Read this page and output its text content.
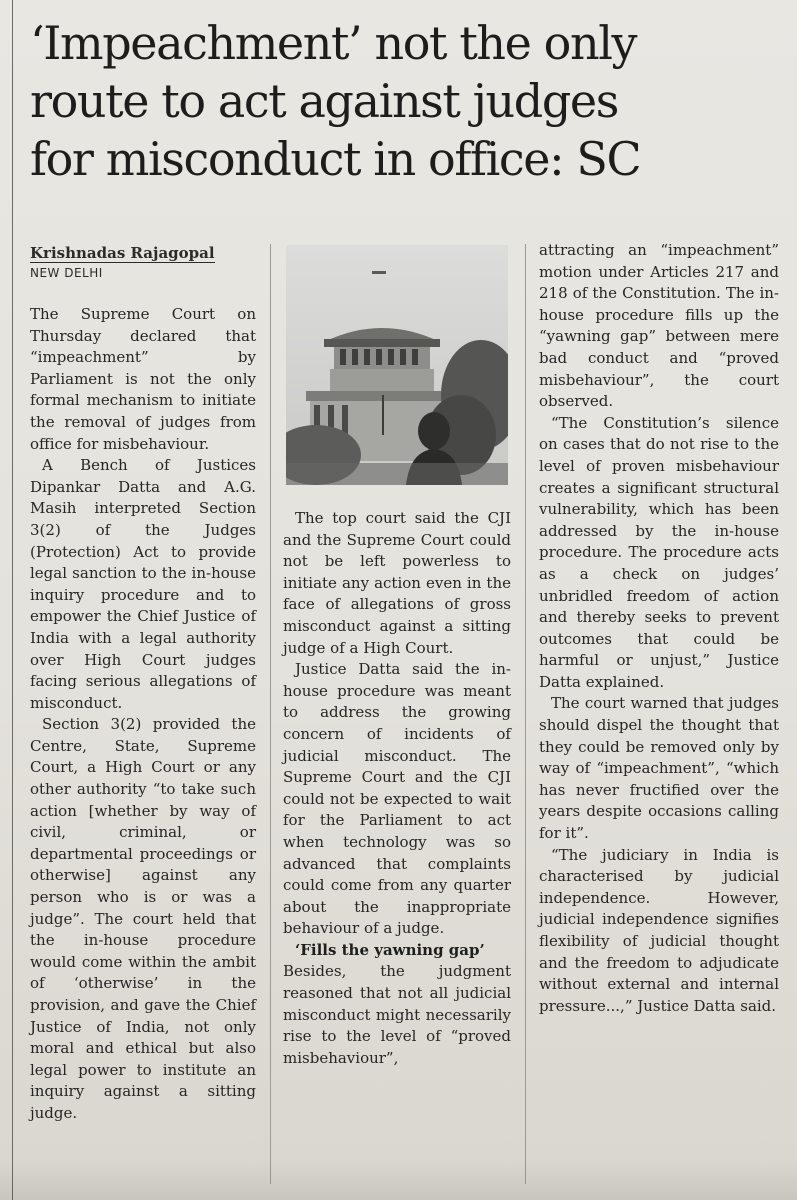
‘Impeachment’ not the only
route to act against judges
for misconduct in office: SC
Krishnadas Rajagopal
NEW DELHI

The Supreme Court on Thursday declared that “impeachment” by Parliament is not the only formal mechanism to initiate the removal of judges from office for misbehaviour.

A Bench of Justices Dipankar Datta and A.G. Masih interpreted Section 3(2) of the Judges (Protection) Act to provide legal sanction to the in-house inquiry procedure and to empower the Chief Justice of India with a legal authority over High Court judges facing serious allegations of misconduct.

Section 3(2) provided the Centre, State, Supreme Court, a High Court or any other authority “to take such action [whether by way of civil, criminal, or departmental proceedings or otherwise] against any person who is or was a judge”. The court held that the in-house procedure would come within the ambit of ‘otherwise’ in the provision, and gave the Chief Justice of India, not only moral and ethical but also legal power to institute an inquiry against a sitting judge.

The top court said the CJI and the Supreme Court could not be left powerless to initiate any action even in the face of allegations of gross misconduct against a sitting judge of a High Court.

Justice Datta said the in-house procedure was meant to address the growing concern of incidents of judicial misconduct. The Supreme Court and the CJI could not be expected to wait for the Parliament to act when technology was so advanced that complaints could come from any quarter about the inappropriate behaviour of a judge.

‘Fills the yawning gap’

Besides, the judgment reasoned that not all judicial misconduct might necessarily rise to the level of “proved misbehaviour”,

attracting an “impeachment” motion under Articles 217 and 218 of the Constitution. The in-house procedure fills up the “yawning gap” between mere bad conduct and “proved misbehaviour”, the court observed.

“The Constitution’s silence on cases that do not rise to the level of proven misbehaviour creates a significant structural vulnerability, which has been addressed by the in-house procedure. The procedure acts as a check on judges’ unbridled freedom of action and thereby seeks to prevent outcomes that could be harmful or unjust,” Justice Datta explained.

The court warned that judges should dispel the thought that they could be removed only by way of “impeachment”, “which has never fructified over the years despite occasions calling for it”.

“The judiciary in India is characterised by judicial independence. However, judicial independence signifies flexibility of judicial thought and the freedom to adjudicate without external and internal pressure...,” Justice Datta said.
